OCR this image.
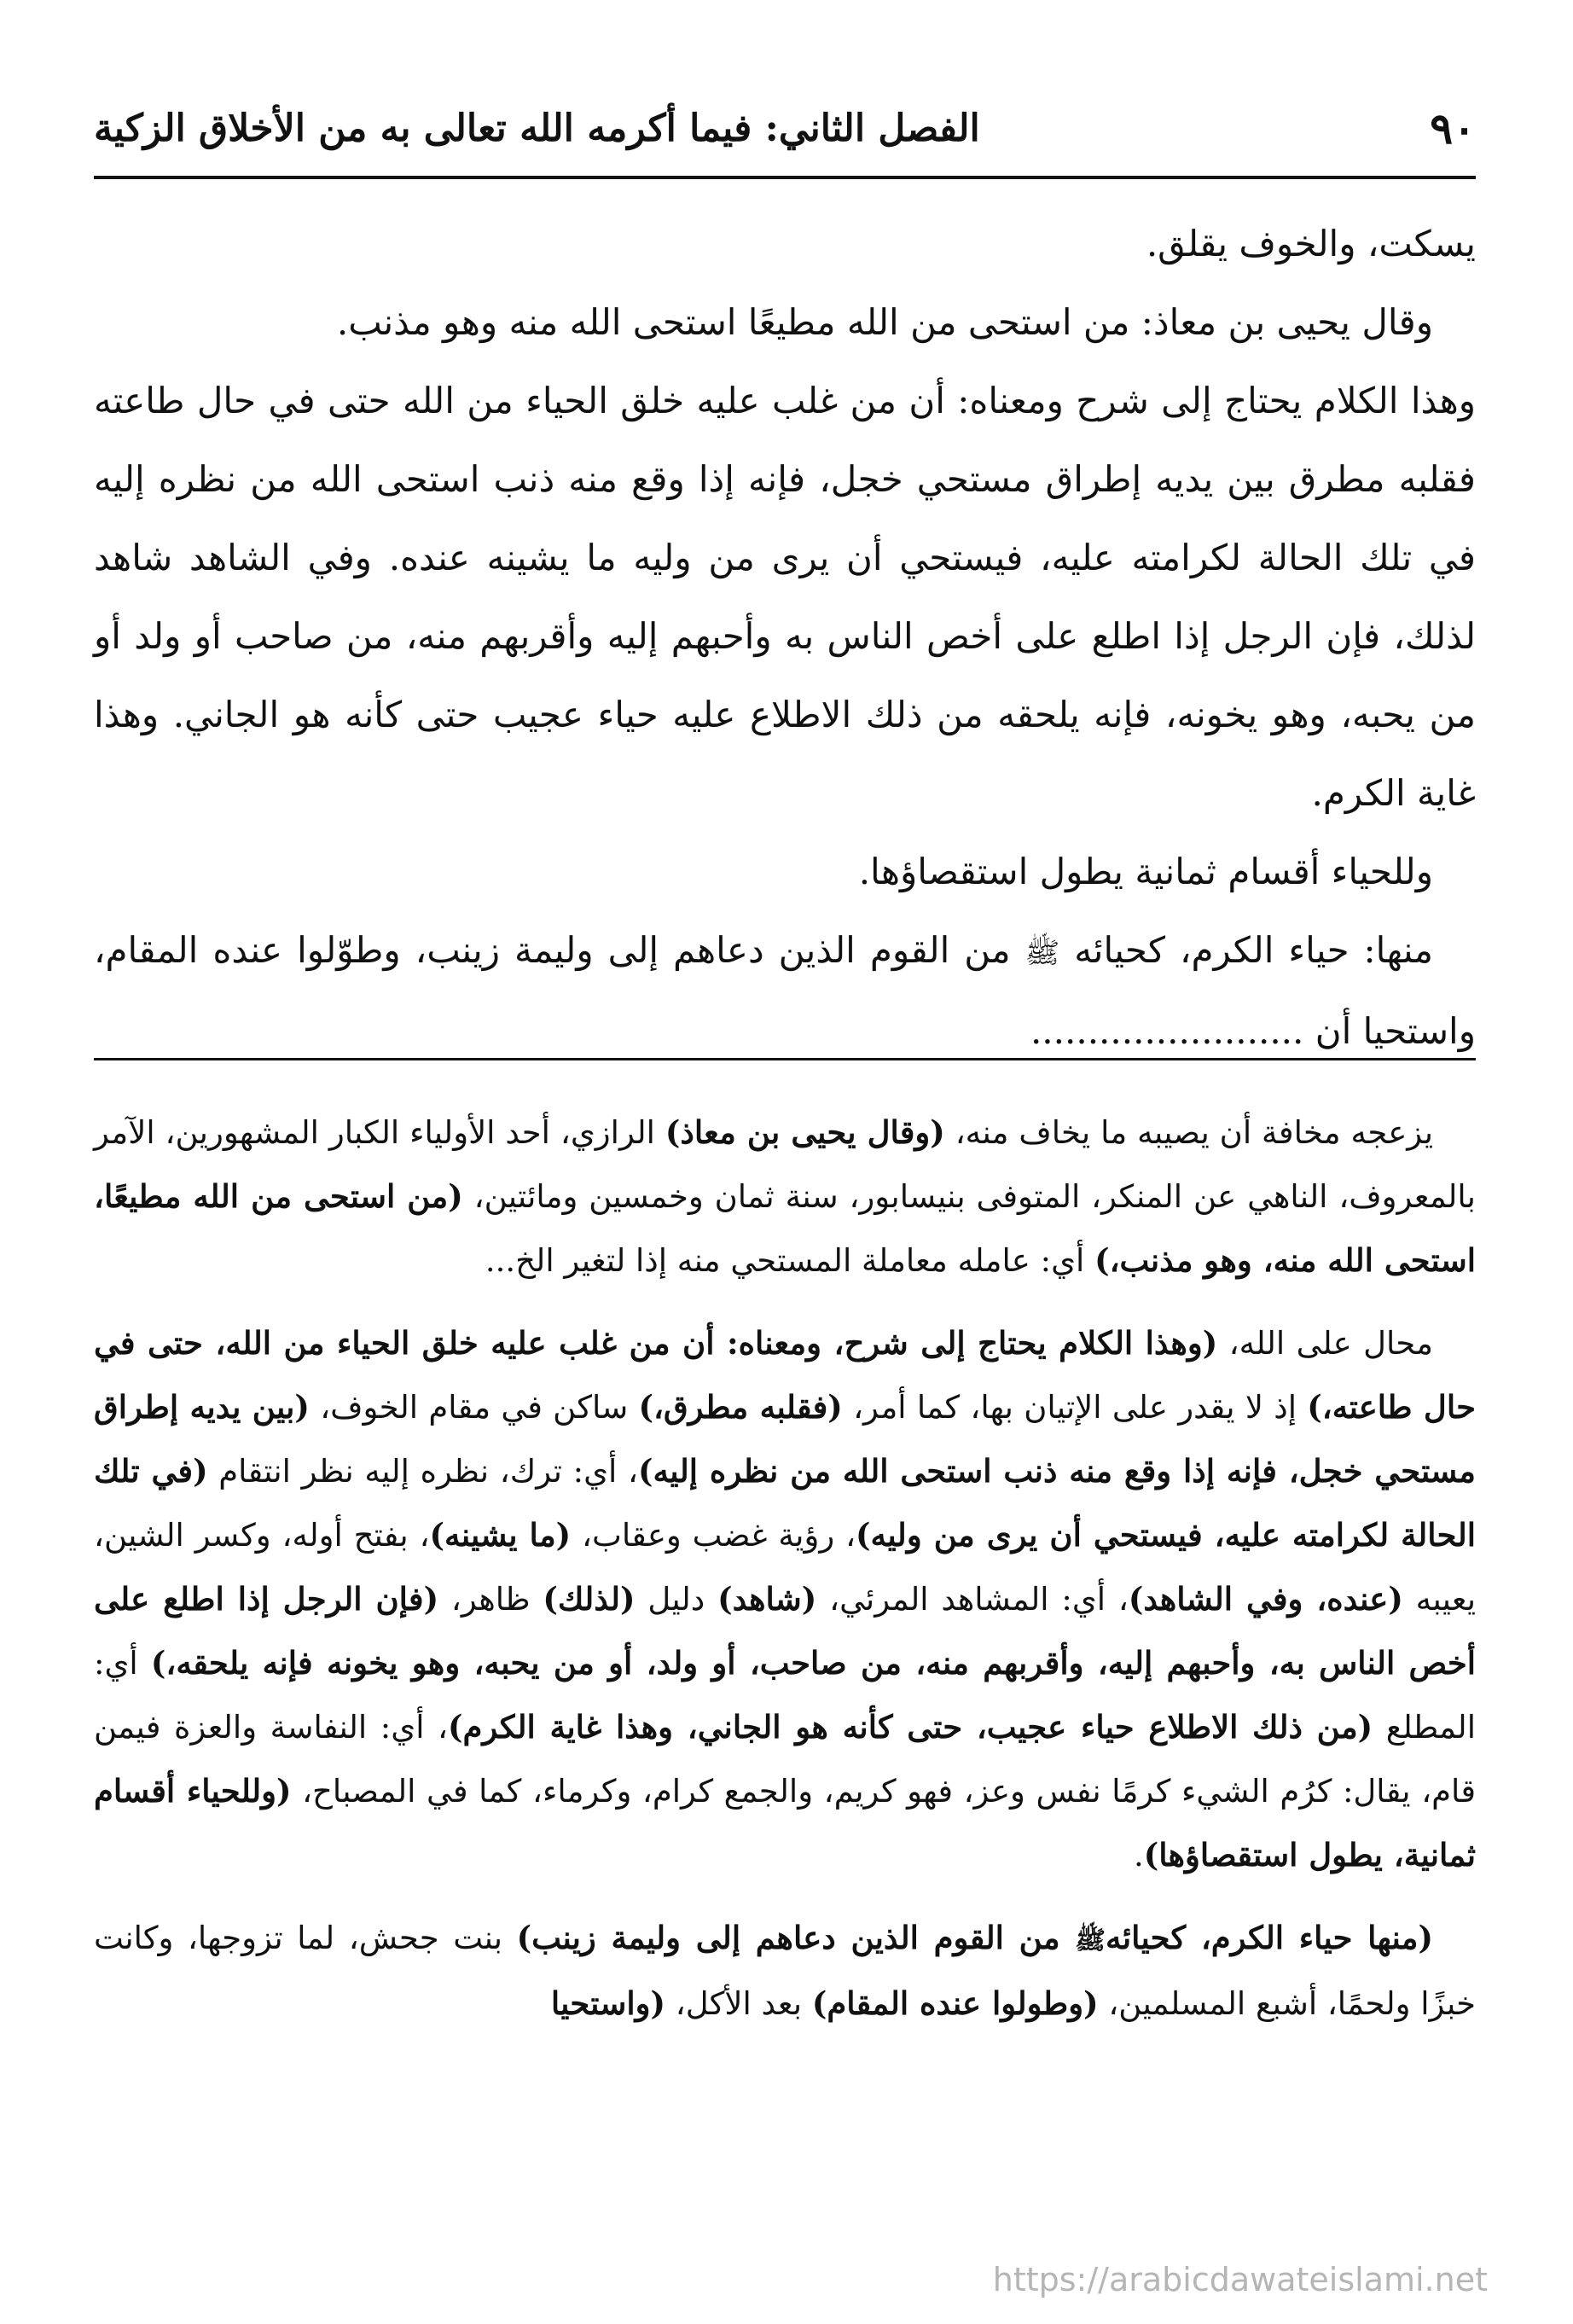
٩٠
الفصل الثاني: فيما أكرمه الله تعالى به من الأخلاق الزكية

يسكت، والخوف يقلق.

وقال يحيى بن معاذ: من استحى من الله مطيعًا استحى الله منه وهو مذنب.

وهذا الكلام يحتاج إلى شرح ومعناه: أن من غلب عليه خلق الحياء من الله حتى في حال طاعته فقلبه مطرق بين يديه إطراق مستحي خجل، فإنه إذا وقع منه ذنب استحى الله من نظره إليه في تلك الحالة لكرامته عليه، فيستحي أن يرى من وليه ما يشينه عنده. وفي الشاهد شاهد لذلك، فإن الرجل إذا اطلع على أخص الناس به وأحبهم إليه وأقربهم منه، من صاحب أو ولد أو من يحبه، وهو يخونه، فإنه يلحقه من ذلك الاطلاع عليه حياء عجيب حتى كأنه هو الجاني. وهذا غاية الكرم.

وللحياء أقسام ثمانية يطول استقصاؤها.

منها: حياء الكرم، كحيائه ﷺ من القوم الذين دعاهم إلى وليمة زينب، وطوّلوا عنده المقام، واستحيا أن ........................

يزعجه مخافة أن يصيبه ما يخاف منه، (وقال يحيى بن معاذ) الرازي، أحد الأولياء الكبار المشهورين، الآمر بالمعروف، الناهي عن المنكر، المتوفى بنيسابور، سنة ثمان وخمسين ومائتين، (من استحى من الله مطيعًا، استحى الله منه، وهو مذنب،) أي: عامله معاملة المستحي منه إذا لتغير الخ...

محال على الله، (وهذا الكلام يحتاج إلى شرح، ومعناه: أن من غلب عليه خلق الحياء من الله، حتى في حال طاعته،) إذ لا يقدر على الإتيان بها، كما أمر، (فقلبه مطرق،) ساكن في مقام الخوف، (بين يديه إطراق مستحي خجل، فإنه إذا وقع منه ذنب استحى الله من نظره إليه)، أي: ترك، نظره إليه نظر انتقام (في تلك الحالة لكرامته عليه، فيستحي أن يرى من وليه)، رؤية غضب وعقاب، (ما يشينه)، بفتح أوله، وكسر الشين، يعيبه (عنده، وفي الشاهد)، أي: المشاهد المرئي، (شاهد) دليل (لذلك) ظاهر، (فإن الرجل إذا اطلع على أخص الناس به، وأحبهم إليه، وأقربهم منه، من صاحب، أو ولد، أو من يحبه، وهو يخونه فإنه يلحقه،) أي: المطلع (من ذلك الاطلاع حياء عجيب، حتى كأنه هو الجاني، وهذا غاية الكرم)، أي: النفاسة والعزة فيمن قام، يقال: كرُم الشيء كرمًا نفس وعز، فهو كريم، والجمع كرام، وكرماء، كما في المصباح، (وللحياء أقسام ثمانية، يطول استقصاؤها).

(منها حياء الكرم، كحيائهﷺ من القوم الذين دعاهم إلى وليمة زينب) بنت جحش، لما تزوجها، وكانت خبزًا ولحمًا، أشبع المسلمين، (وطولوا عنده المقام) بعد الأكل، (واستحيا

https://arabicdawateislami.net
